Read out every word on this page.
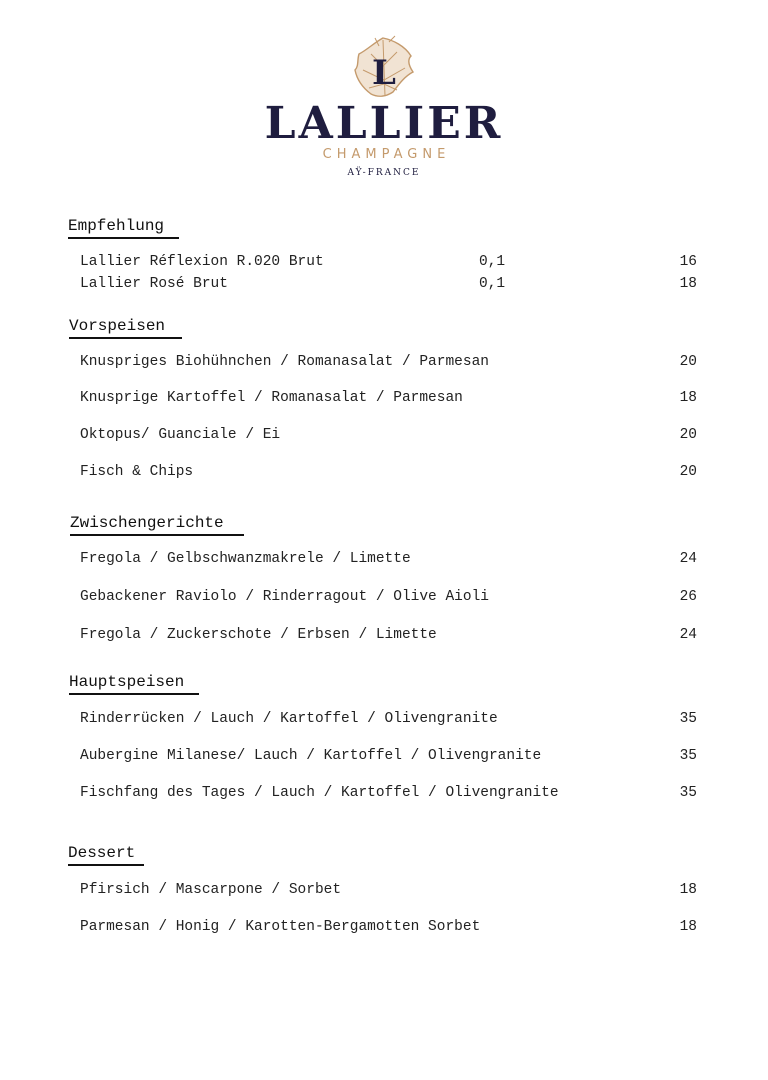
L
LALLIER
CHAMPAGNE
AŸ-FRANCE
Empfehlung
Lallier Réflexion R.020 Brut	0,1	16
Lallier Rosé Brut	0,1	18
Vorspeisen
Knuspriges Biohühnchen / Romanasalat / Parmesan	20
Knusprige Kartoffel / Romanasalat / Parmesan	18
Oktopus/ Guanciale / Ei	20
Fisch & Chips	20
Zwischengerichte
Fregola / Gelbschwanzmakrele / Limette	24
Gebackener Raviolo / Rinderragout / Olive Aioli	26
Fregola / Zuckerschote / Erbsen / Limette	24
Hauptspeisen
Rinderrücken / Lauch / Kartoffel / Olivengranite	35
Aubergine Milanese/ Lauch / Kartoffel / Olivengranite	35
Fischfang des Tages / Lauch / Kartoffel / Olivengranite	35
Dessert
Pfirsich / Mascarpone / Sorbet	18
Parmesan / Honig / Karotten-Bergamotten Sorbet	18
